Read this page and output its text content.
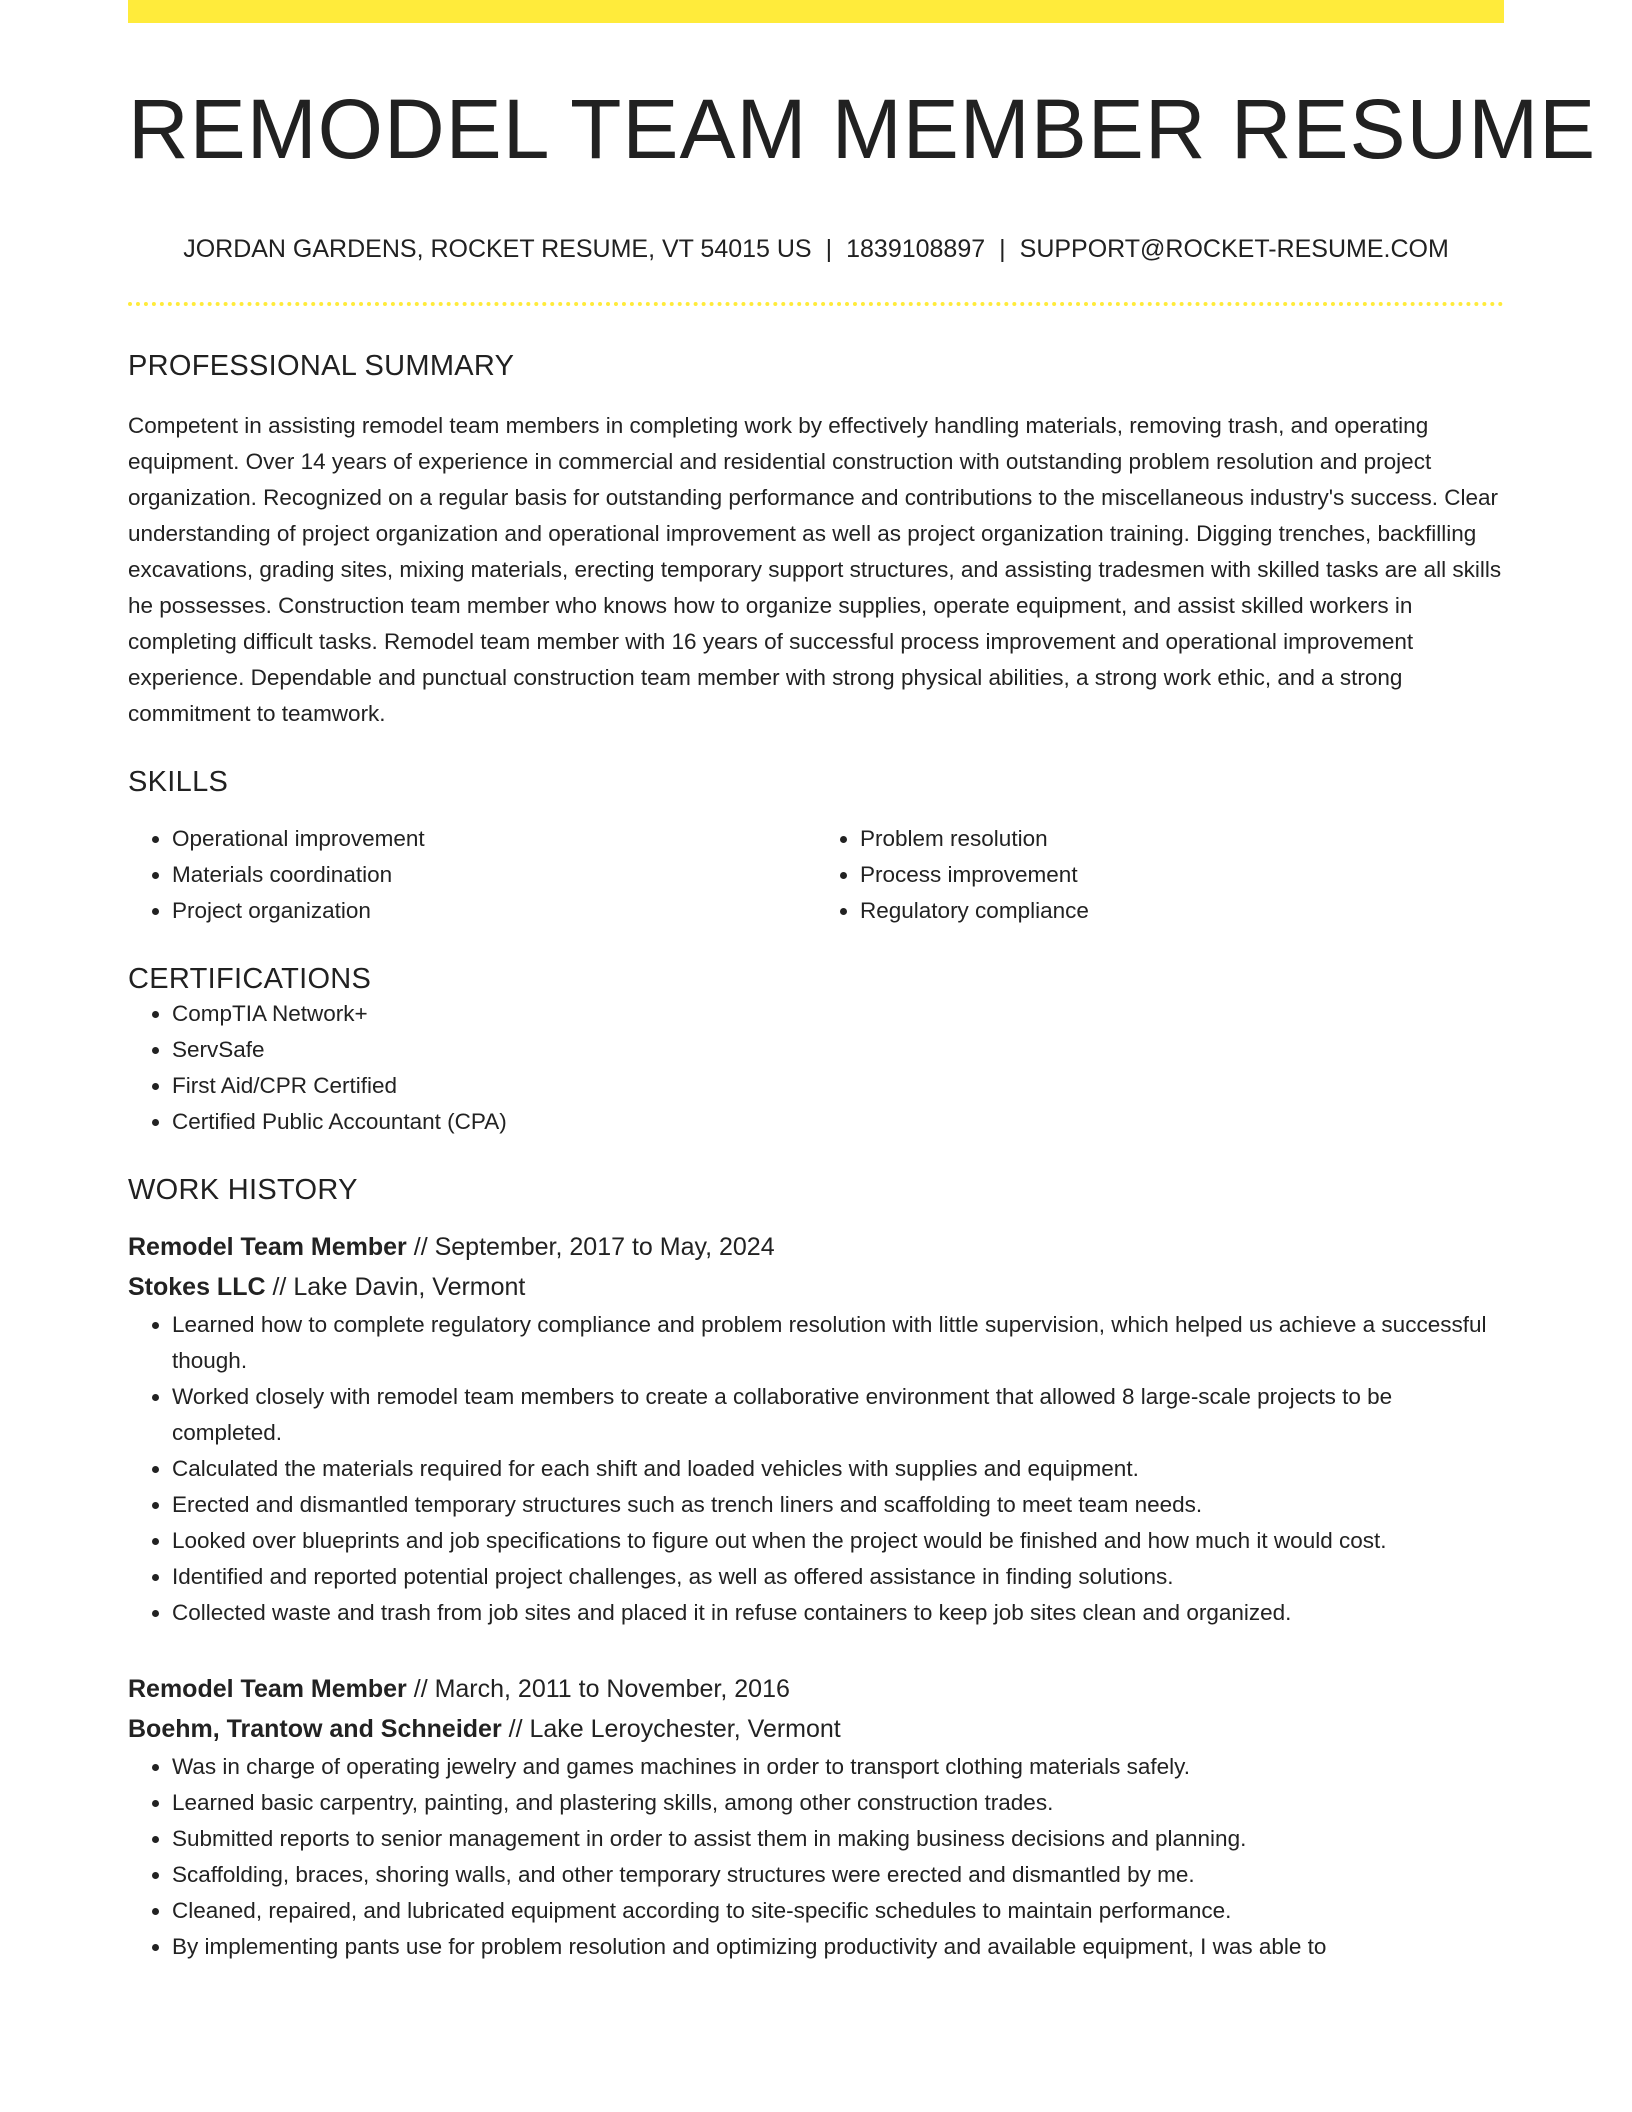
REMODEL TEAM MEMBER RESUME
JORDAN GARDENS, ROCKET RESUME, VT 54015 US | 1839108897 | SUPPORT@ROCKET-RESUME.COM
PROFESSIONAL SUMMARY

Competent in assisting remodel team members in completing work by effectively handling materials, removing trash, and operating equipment. Over 14 years of experience in commercial and residential construction with outstanding problem resolution and project organization. Recognized on a regular basis for outstanding performance and contributions to the miscellaneous industry's success. Clear understanding of project organization and operational improvement as well as project organization training. Digging trenches, backfilling excavations, grading sites, mixing materials, erecting temporary support structures, and assisting tradesmen with skilled tasks are all skills he possesses. Construction team member who knows how to organize supplies, operate equipment, and assist skilled workers in completing difficult tasks. Remodel team member with 16 years of successful process improvement and operational improvement experience. Dependable and punctual construction team member with strong physical abilities, a strong work ethic, and a strong commitment to teamwork.

SKILLS
• Operational improvement
• Materials coordination
• Project organization
• Problem resolution
• Process improvement
• Regulatory compliance
CERTIFICATIONS
• CompTIA Network+
• ServSafe
• First Aid/CPR Certified
• Certified Public Accountant (CPA)
WORK HISTORY
Remodel Team Member // September, 2017 to May, 2024
Stokes LLC // Lake Davin, Vermont
• Learned how to complete regulatory compliance and problem resolution with little supervision, which helped us achieve a successful though.
• Worked closely with remodel team members to create a collaborative environment that allowed 8 large-scale projects to be completed.
• Calculated the materials required for each shift and loaded vehicles with supplies and equipment.
• Erected and dismantled temporary structures such as trench liners and scaffolding to meet team needs.
• Looked over blueprints and job specifications to figure out when the project would be finished and how much it would cost.
• Identified and reported potential project challenges, as well as offered assistance in finding solutions.
• Collected waste and trash from job sites and placed it in refuse containers to keep job sites clean and organized.
Remodel Team Member // March, 2011 to November, 2016
Boehm, Trantow and Schneider // Lake Leroychester, Vermont
• Was in charge of operating jewelry and games machines in order to transport clothing materials safely.
• Learned basic carpentry, painting, and plastering skills, among other construction trades.
• Submitted reports to senior management in order to assist them in making business decisions and planning.
• Scaffolding, braces, shoring walls, and other temporary structures were erected and dismantled by me.
• Cleaned, repaired, and lubricated equipment according to site-specific schedules to maintain performance.
• By implementing pants use for problem resolution and optimizing productivity and available equipment, I was able to
